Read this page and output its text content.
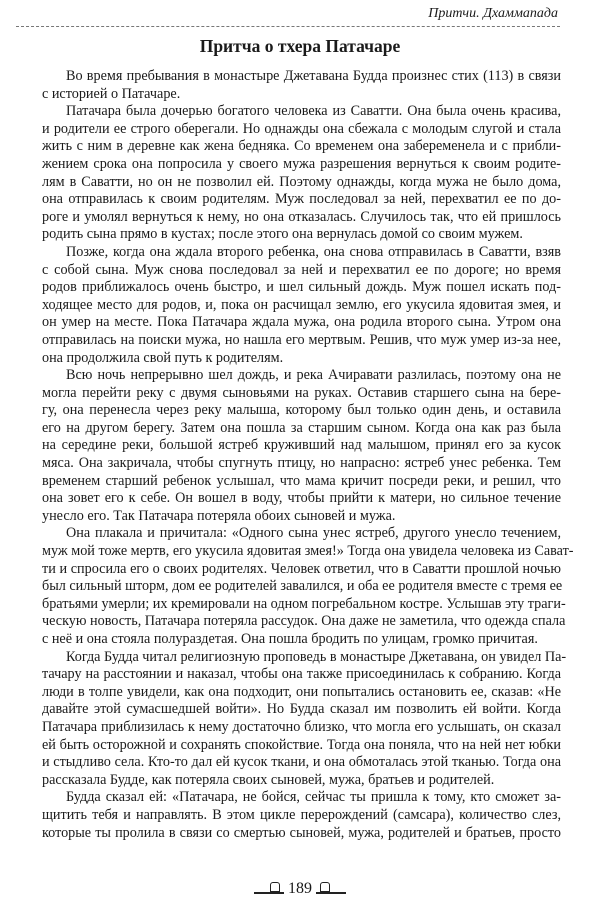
Притчи. Дхаммапада
Притча о тхера Патачаре
Во время пребывания в монастыре Джетавана Будда произнес стих (113) в связи
с историей о Патачаре.
Патачара была дочерью богатого человека из Саватти. Она была очень красива,
и родители ее строго оберегали. Но однажды она сбежала с молодым слугой и стала
жить с ним в деревне как жена бедняка. Со временем она забеременела и с прибли-
жением срока она попросила у своего мужа разрешения вернуться к своим родите-
лям в Саватти, но он не позволил ей. Поэтому однажды, когда мужа не было дома,
она отправилась к своим родителям. Муж последовал за ней, перехватил ее по до-
роге и умолял вернуться к нему, но она отказалась. Случилось так, что ей пришлось
родить сына прямо в кустах; после этого она вернулась домой со своим мужем.
Позже, когда она ждала второго ребенка, она снова отправилась в Саватти, взяв
с собой сына. Муж снова последовал за ней и перехватил ее по дороге; но время
родов приближалось очень быстро, и шел сильный дождь. Муж пошел искать под-
ходящее место для родов, и, пока он расчищал землю, его укусила ядовитая змея, и
он умер на месте. Пока Патачара ждала мужа, она родила второго сына. Утром она
отправилась на поиски мужа, но нашла его мертвым. Решив, что муж умер из-за нее,
она продолжила свой путь к родителям.
Всю ночь непрерывно шел дождь, и река Ачиравати разлилась, поэтому она не
могла перейти реку с двумя сыновьями на руках. Оставив старшего сына на бере-
гу, она перенесла через реку малыша, которому был только один день, и оставила
его на другом берегу. Затем она пошла за старшим сыном. Когда она как раз была
на середине реки, большой ястреб круживший над малышом, принял его за кусок
мяса. Она закричала, чтобы спугнуть птицу, но напрасно: ястреб унес ребенка. Тем
временем старший ребенок услышал, что мама кричит посреди реки, и решил, что
она зовет его к себе. Он вошел в воду, чтобы прийти к матери, но сильное течение
унесло его. Так Патачара потеряла обоих сыновей и мужа.
Она плакала и причитала: «Одного сына унес ястреб, другого унесло течением,
муж мой тоже мертв, его укусила ядовитая змея!» Тогда она увидела человека из Сават-
ти и спросила его о своих родителях. Человек ответил, что в Саватти прошлой ночью
был сильный шторм, дом ее родителей завалился, и оба ее родителя вместе с тремя ее
братьями умерли; их кремировали на одном погребальном костре. Услышав эту траги-
ческую новость, Патачара потеряла рассудок. Она даже не заметила, что одежда спала
с неё и она стояла полураздетая. Она пошла бродить по улицам, громко причитая.
Когда Будда читал религиозную проповедь в монастыре Джетавана, он увидел Па-
тачару на расстоянии и наказал, чтобы она также присоединилась к собранию. Когда
люди в толпе увидели, как она подходит, они попытались остановить ее, сказав: «Не
давайте этой сумасшедшей войти». Но Будда сказал им позволить ей войти. Когда
Патачара приблизилась к нему достаточно близко, что могла его услышать, он сказал
ей быть осторожной и сохранять спокойствие. Тогда она поняла, что на ней нет юбки
и стыдливо села. Кто-то дал ей кусок ткани, и она обмоталась этой тканью. Тогда она
рассказала Будде, как потеряла своих сыновей, мужа, братьев и родителей.
Будда сказал ей: «Патачара, не бойся, сейчас ты пришла к тому, кто сможет за-
щитить тебя и направлять. В этом цикле перерождений (самсара), количество слез,
которые ты пролила в связи со смертью сыновей, мужа, родителей и братьев, просто
189
